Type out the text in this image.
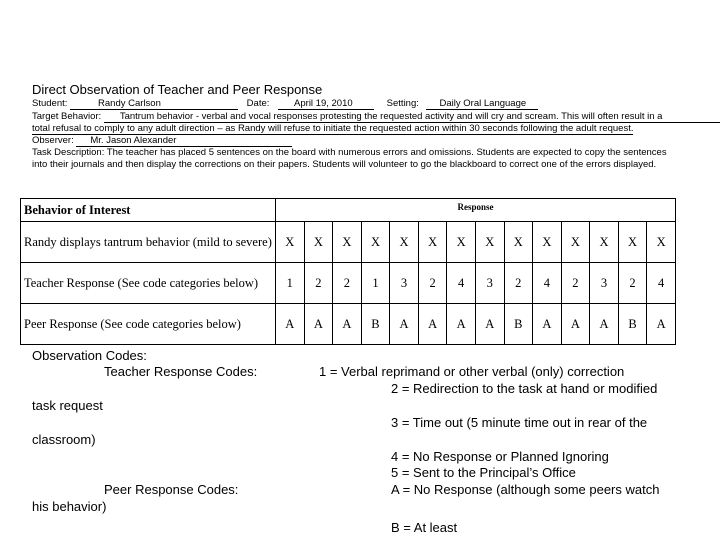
Direct Observation of Teacher and Peer Response
Student:	Randy Carlson	Date:	April 19, 2010	Setting: Daily Oral Language
Target Behavior: Tantrum behavior - verbal and vocal responses protesting the requested activity and will cry and scream. This will often result in a
total refusal to comply to any adult direction – as Randy will refuse to initiate the requested action within 30 seconds following the adult request.
Observer: Mr. Jason Alexander
Task Description: The teacher has placed 5 sentences on the board with numerous errors and omissions. Students are expected to copy the sentences
into their journals and then display the corrections on their papers. Students will volunteer to go the blackboard to correct one of the errors displayed.
Behavior of Interest	Response													
Randy displays tantrum behavior (mild to severe)	X	X	X	X	X	X	X	X	X	X	X	X	X	X
Teacher Response (See code categories below)	1	2	2	1	3	2	4	3	2	4	2	3	2	4
Peer Response (See code categories below)	A	A	A	B	A	A	A	A	B	A	A	A	B	A
Observation Codes:
Teacher Response Codes:	1 = Verbal reprimand or other verbal (only) correction
2 = Redirection to the task at hand or modified
task request
3 = Time out (5 minute time out in rear of the
classroom)
4 = No Response or Planned Ignoring
5 = Sent to the Principal’s Office
Peer Response Codes:	A = No Response (although some peers watch
his behavior)
B = At least
